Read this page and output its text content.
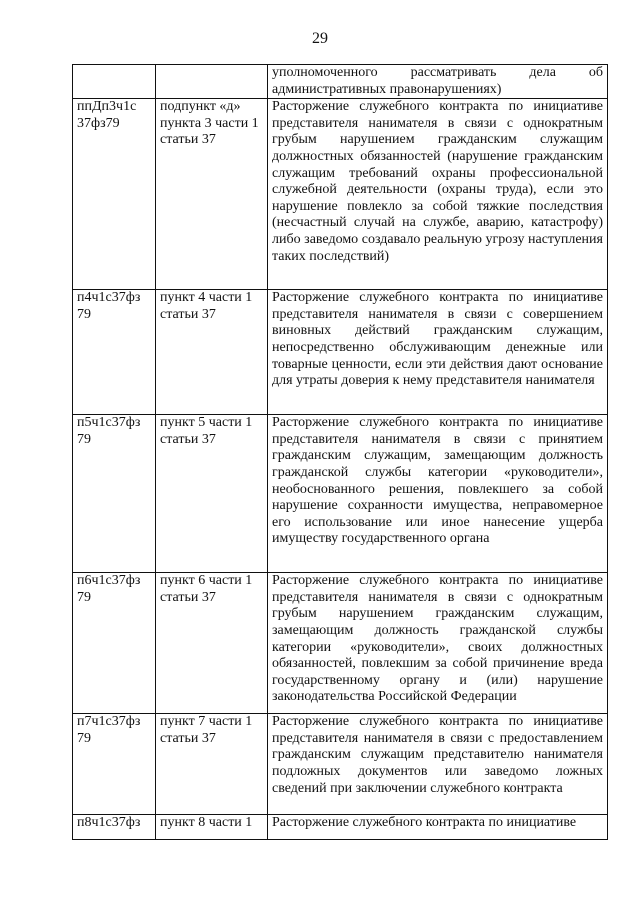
29
		уполномоченного рассматривать дела об административных правонарушениях)
ппДп3ч1с 37фз79	подпункт «д» пункта 3 части 1 статьи 37	Расторжение служебного контракта по инициативе представителя нанимателя в связи с однократным грубым нарушением гражданским служащим должностных обязанностей (нарушение гражданским служащим требований охраны профессиональной служебной деятельности (охраны труда), если это нарушение повлекло за собой тяжкие последствия (несчастный случай на службе, аварию, катастрофу) либо заведомо создавало реальную угрозу наступления таких последствий)
п4ч1с37фз 79	пункт 4 части 1 статьи 37	Расторжение служебного контракта по инициативе представителя нанимателя в связи с совершением виновных действий гражданским служащим, непосредственно обслуживающим денежные или товарные ценности, если эти действия дают основание для утраты доверия к нему представителя нанимателя
п5ч1с37фз 79	пункт 5 части 1 статьи 37	Расторжение служебного контракта по инициативе представителя нанимателя в связи с принятием гражданским служащим, замещающим должность гражданской службы категории «руководители», необоснованного решения, повлекшего за собой нарушение сохранности имущества, неправомерное его использование или иное нанесение ущерба имуществу государственного органа
п6ч1с37фз 79	пункт 6 части 1 статьи 37	Расторжение служебного контракта по инициативе представителя нанимателя в связи с однократным грубым нарушением гражданским служащим, замещающим должность гражданской службы категории «руководители», своих должностных обязанностей, повлекшим за собой причинение вреда государственному органу и (или) нарушение законодательства Российской Федерации
п7ч1с37фз 79	пункт 7 части 1 статьи 37	Расторжение служебного контракта по инициативе представителя нанимателя в связи с предоставлением гражданским служащим представителю нанимателя подложных документов или заведомо ложных сведений при заключении служебного контракта
п8ч1с37фз	пункт 8 части 1	Расторжение служебного контракта по инициативе
